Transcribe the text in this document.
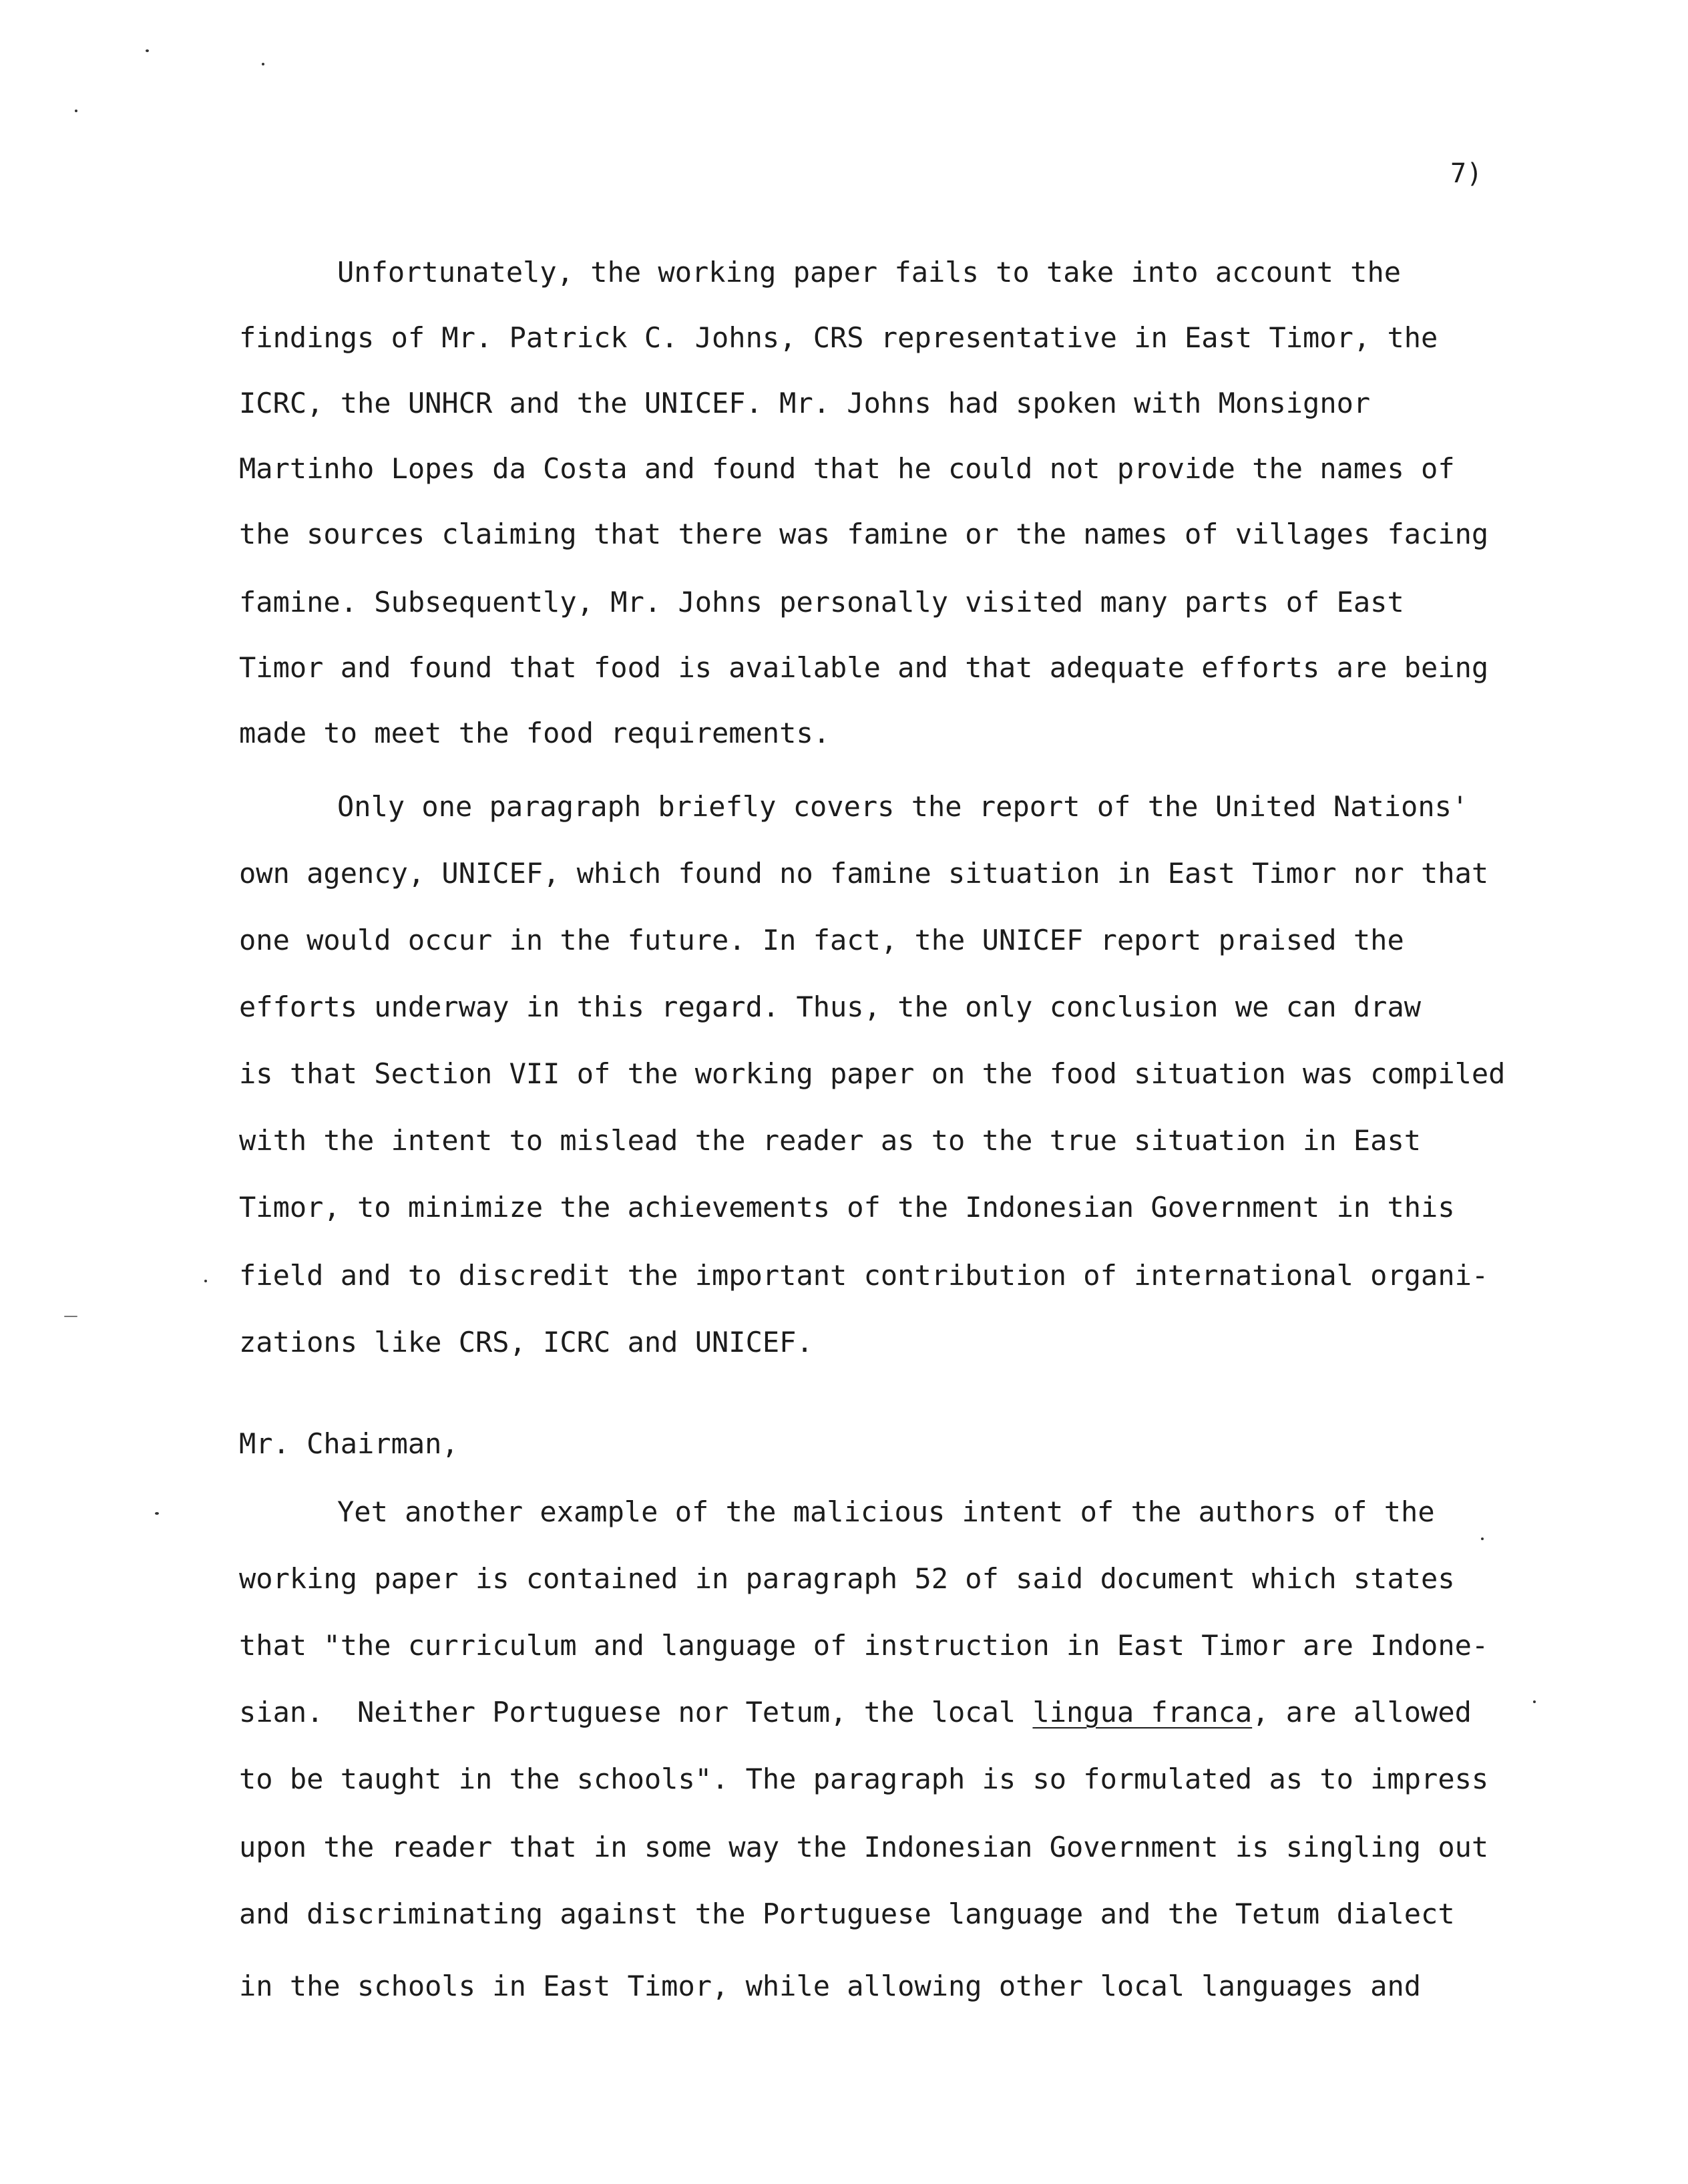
7)
Unfortunately, the working paper fails to take into account the
findings of Mr. Patrick C. Johns, CRS representative in East Timor, the
ICRC, the UNHCR and the UNICEF. Mr. Johns had spoken with Monsignor
Martinho Lopes da Costa and found that he could not provide the names of
the sources claiming that there was famine or the names of villages facing
famine. Subsequently, Mr. Johns personally visited many parts of East
Timor and found that food is available and that adequate efforts are being
made to meet the food requirements.
Only one paragraph briefly covers the report of the United Nations'
own agency, UNICEF, which found no famine situation in East Timor nor that
one would occur in the future. In fact, the UNICEF report praised the
efforts underway in this regard. Thus, the only conclusion we can draw
is that Section VII of the working paper on the food situation was compiled
with the intent to mislead the reader as to the true situation in East
Timor, to minimize the achievements of the Indonesian Government in this
field and to discredit the important contribution of international organi-
zations like CRS, ICRC and UNICEF.
Mr. Chairman,
Yet another example of the malicious intent of the authors of the
working paper is contained in paragraph 52 of said document which states
that "the curriculum and language of instruction in East Timor are Indone-
sian.  Neither Portuguese nor Tetum, the local lingua franca, are allowed
to be taught in the schools". The paragraph is so formulated as to impress
upon the reader that in some way the Indonesian Government is singling out
and discriminating against the Portuguese language and the Tetum dialect
in the schools in East Timor, while allowing other local languages and
